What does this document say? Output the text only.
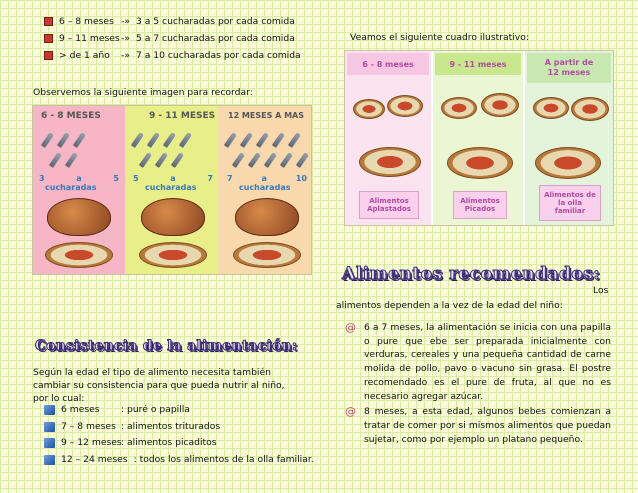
6 – 8 meses -» 3 a 5 cucharadas por cada comida
9 – 11 meses -» 5 a 7 cucharadas por cada comida
> de 1 año	-» 7 a 10 cucharadas por cada comida
Observemos la siguiente imagen para recordar:
6 - 8 MESES	9 - 11 MESES 12 MESES A MAS
3	a	5 5	a	7 7	a	10
cucharadas	cucharadas	cucharadas
Consistencia de la alimentación:
Según la edad el tipo de alimento necesita también cambiar su consistencia para que pueda nutrir al niño, por lo cual:
6 meses	: puré o papilla
7 – 8 meses : alimentos triturados
9 – 12 meses : alimentos picaditos
12 – 24 meses : todos los alimentos de la olla familiar.
Veamos el siguiente cuadro ilustrativo:
6 - 8 meses	9 - 11 meses	A partir de 12 meses
Alimentos Aplastados
Alimentos Picados
Alimentos de la olla familiar
Alimentos recomendados:
Los
alimentos dependen a la vez de la edad del niño:
@ 6 a 7 meses, la alimentación se inicia con una papilla o pure que ebe ser preparada inicialmente con verduras, cereales y una pequeña cantidad de carne molida de pollo, pavo o vacuno sin grasa. El postre recomendado es el pure de fruta, al que no es necesario agregar azúcar.
@ 8 meses, a esta edad, algunos bebes comienzan a tratar de comer por si mismos alimentos que puedan sujetar, como por ejemplo un platano pequeño.
